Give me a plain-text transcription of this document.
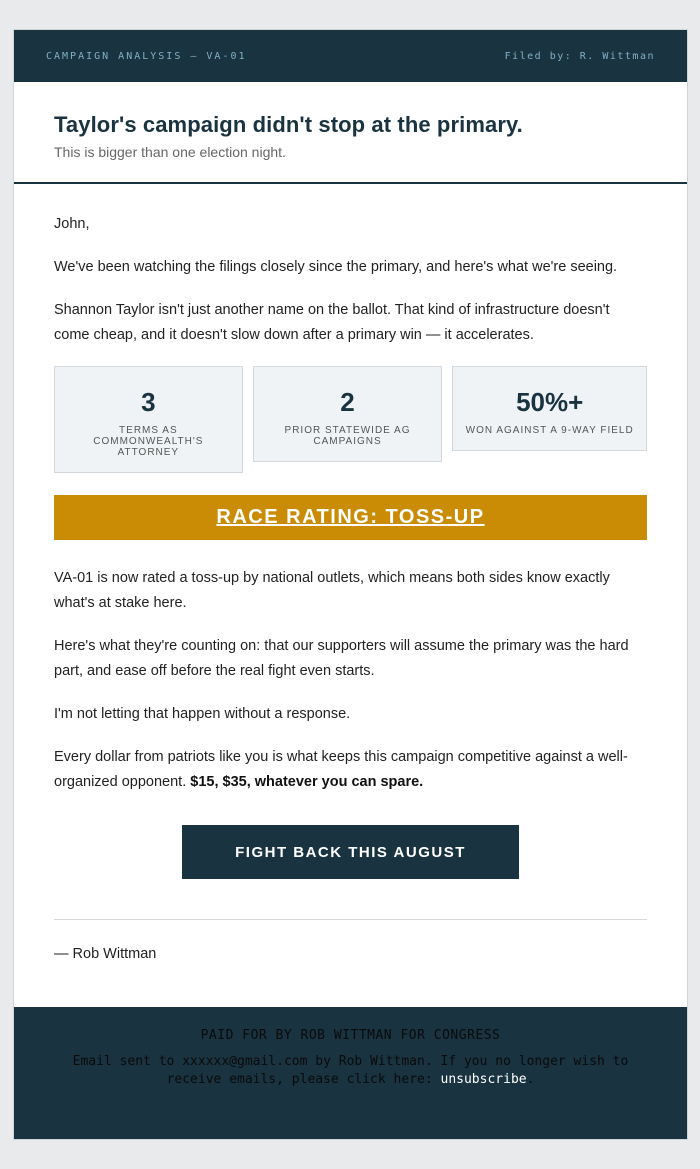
CAMPAIGN ANALYSIS — VA-01	Filed by: R. Wittman
Taylor's campaign didn't stop at the primary.
This is bigger than one election night.

John,

We've been watching the filings closely since the primary, and here's what we're seeing.

Shannon Taylor isn't just another name on the ballot. That kind of infrastructure doesn't come cheap, and it doesn't slow down after a primary win — it accelerates.

3
TERMS AS COMMONWEALTH'S ATTORNEY
2
PRIOR STATEWIDE AG CAMPAIGNS
50%+
WON AGAINST A 9-WAY FIELD
RACE RATING: TOSS-UP

VA-01 is now rated a toss-up by national outlets, which means both sides know exactly what's at stake here.

Here's what they're counting on: that our supporters will assume the primary was the hard part, and ease off before the real fight even starts.

I'm not letting that happen without a response.

Every dollar from patriots like you is what keeps this campaign competitive against a well-organized opponent. $15, $35, whatever you can spare.

FIGHT BACK THIS AUGUST
— Rob Wittman
PAID FOR BY ROB WITTMAN FOR CONGRESS
Email sent to xxxxxx@gmail.com by Rob Wittman. If you no longer wish to receive emails, please click here: unsubscribe.
